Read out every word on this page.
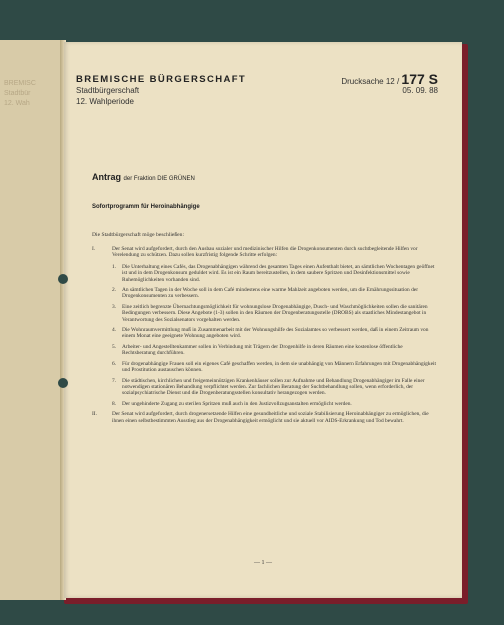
BREMISC
Stadtbür
12. Wah
BREMISCHE BÜRGERSCHAFT
Stadtbürgerschaft
12. Wahlperiode
Drucksache 12 / 177 S
05. 09. 88
Antrag der Fraktion DIE GRÜNEN
Sofortprogramm für Heroinabhängige
Die Stadtbürgerschaft möge beschließen:
I.	Der Senat wird aufgefordert, durch den Ausbau sozialer und medizinischer Hilfen die Drogenkonsumenten durch suchtbegleitende Hilfen vor Verelendung zu schützen. Dazu sollen kurzfristig folgende Schritte erfolgen:
1.	Die Unterhaltung eines Cafés, das Drogenabhängigen während des gesamten Tages einen Aufenthalt bietet, an sämtlichen Wochentagen geöffnet ist und in dem Drogenkonsum geduldet wird. Es ist ein Raum bereitzustellen, in dem saubere Spritzen und Desinfektionsmittel sowie Ruhemöglichkeiten vorhanden sind.
2.	An sämtlichen Tagen in der Woche soll in dem Café mindestens eine warme Mahlzeit angeboten werden, um die Ernährungssituation der Drogenkonsumenten zu verbessern.
3.	Eine zeitlich begrenzte Übernachtungsmöglichkeit für wohnungslose Drogenabhängige, Dusch- und Waschmöglichkeiten sollen die sanitären Bedingungen verbessern. Diese Angebote (1-3) sollen in den Räumen der Drogenberatungsstelle (DROBS) als staatliches Mindestangebot in Verantwortung des Sozialsenators vorgehalten werden.
4.	Die Wohnraumvermittlung muß in Zusammenarbeit mit der Wohnungshilfe des Sozialamtes so verbessert werden, daß in einem Zeitraum von einem Monat eine geeignete Wohnung angeboten wird.
5.	Arbeiter- und Angestelltenkammer sollen in Verbindung mit Trägern der Drogenhilfe in deren Räumen eine kostenlose öffentliche Rechtsberatung durchführen.
6.	Für drogenabhängige Frauen soll ein eigenes Café geschaffen werden, in dem sie unabhängig von Männern Erfahrungen mit Drogenabhängigkeit und Prostitution austauschen können.
7.	Die städtischen, kirchlichen und freigemeinnützigen Krankenhäuser sollen zur Aufnahme und Behandlung Drogenabhängiger im Falle einer notwendigen stationären Behandlung verpflichtet werden. Zur fachlichen Beratung der Suchtbehandlung sollen, wenn erforderlich, der sozialpsychiatrische Dienst und die Drogenberatungsstellen konsultativ herangezogen werden.
8.	Der ungehinderte Zugang zu sterilen Spritzen muß auch in den Justizvollzugsanstalten ermöglicht werden.
II.	Der Senat wird aufgefordert, durch drogenersetzende Hilfen eine gesundheitliche und soziale Stabilisierung Heroinabhängiger zu ermöglichen, die ihnen einen selbstbestimmten Ausstieg aus der Drogenabhängigkeit ermöglicht und sie aktuell vor AIDS-Erkrankung und Tod bewahrt.
— 1 —
